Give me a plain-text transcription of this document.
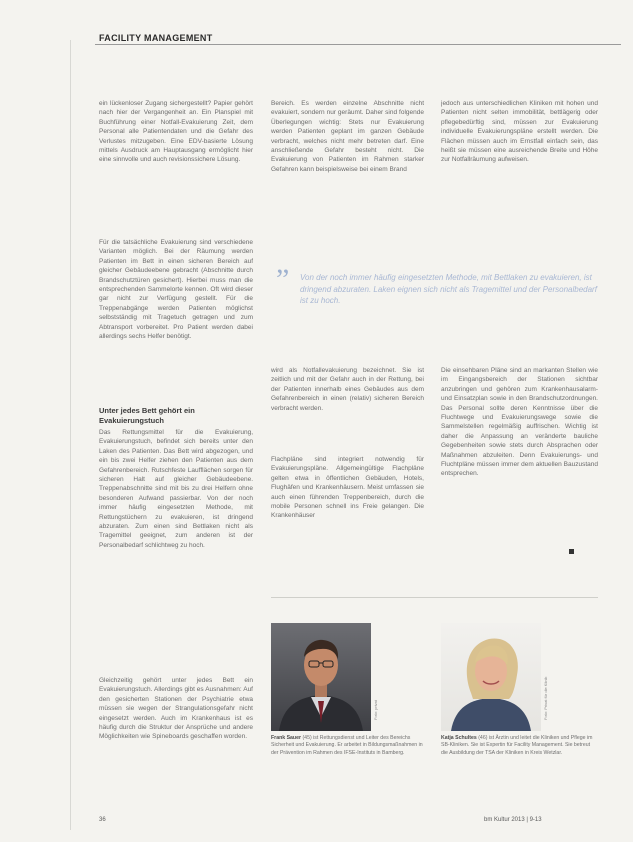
FACILITY MANAGEMENT

ein lückenloser Zugang sichergestellt? Papier gehört nach hier der Vergangenheit an. Ein Planspiel mit Buchführung einer Notfall-Evakuierung Zeit, dem Personal alle Patientendaten und die Gefahr des Verlustes mitzugeben. Eine EDV-basierte Lösung mittels Ausdruck am Hauptausgang ermöglicht hier eine sinnvolle und auch revisionssichere Lösung.

Für die tatsächliche Evakuierung sind verschiedene Varianten möglich. Bei der Räumung werden Patienten im Bett in einen sicheren Bereich auf gleicher Gebäudeebene gebracht (Abschnitte durch Brandschutztüren gesichert). Hierbei muss man die entsprechenden Sammelorte kennen. Oft wird dieser gar nicht zur Verfügung gestellt. Für die Treppenabgänge werden Patienten möglichst selbstständig mit Tragetuch getragen und zum Abtransport vorbereitet. Pro Patient werden dabei allerdings sechs Helfer benötigt.

Unter jedes Bett gehört ein Evakuierungstuch

Das Rettungsmittel für die Evakuierung, Evakuierungstuch, befindet sich bereits unter den Laken des Patienten. Das Bett wird abgezogen, und ein bis zwei Helfer ziehen den Patienten aus dem Gefahrenbereich. Rutschfeste Laufflächen sorgen für sicheren Halt auf gleicher Gebäudeebene. Treppenabschnitte sind mit bis zu drei Helfern ohne besonderen Aufwand passierbar. Von der noch immer häufig eingesetzten Methode, mit Rettungstüchern zu evakuieren, ist dringend abzuraten. Zum einen sind Bettlaken nicht als Tragemittel geeignet, zum anderen ist der Personalbedarf schlichtweg zu hoch.

Gleichzeitig gehört unter jedes Bett ein Evakuierungstuch. Allerdings gibt es Ausnahmen: Auf den gesicherten Stationen der Psychiatrie etwa müssen sie wegen der Strangulationsgefahr nicht eingesetzt werden. Auch im Krankenhaus ist es häufig durch die Struktur der Ansprüche und andere Möglichkeiten wie Spineboards geschaffen worden.

Bereich. Es werden einzelne Abschnitte nicht evakuiert, sondern nur geräumt. Daher sind folgende Überlegungen wichtig: Stets nur Evakuierung werden Patienten geplant im ganzen Gebäude verbracht, welches nicht mehr betreten darf. Eine anschließende Gefahr besteht nicht. Die Evakuierung von Patienten im Rahmen starker Gefahren kann beispielsweise bei einem Brand

jedoch aus unterschiedlichen Kliniken mit hohen und Patienten nicht selten immobilität, bettlägerig oder pflegebedürftig sind, müssen zur Evakuierung individuelle Evakuierungspläne erstellt werden. Die Flächen müssen auch im Ernstfall einfach sein, das heißt sie müssen eine ausreichende Breite und Höhe zur Notfallräumung aufweisen.

” Von der noch immer häufig eingesetzten Methode, mit Bettlaken zu evakuieren, ist dringend abzuraten. Laken eignen sich nicht als Tragemittel und der Personalbedarf ist zu hoch.

wird als Notfallevakuierung bezeichnet. Sie ist zeitlich und mit der Gefahr auch in der Rettung, bei der Patienten innerhalb eines Gebäudes aus dem Gefahrenbereich in einen (relativ) sicheren Bereich verbracht werden.

Flachpläne sind integriert notwendig für Evakuierungspläne. Allgemeingültige Flachpläne gelten etwa in öffentlichen Gebäuden, Hotels, Flughäfen und Krankenhäusern. Meist umfassen sie auch einen führenden Treppenbereich, durch die mobile Personen schnell ins Freie gelangen. Die Krankenhäuser

Die einsehbaren Pläne sind an markanten Stellen wie im Eingangsbereich der Stationen sichtbar anzubringen und gehören zum Krankenhausalarm- und Einsatzplan sowie in den Brandschutzordnungen. Das Personal sollte deren Kenntnisse über die Fluchtwege und Evakuierungswege sowie die Sammelstellen regelmäßig auffrischen. Wichtig ist daher die Anpassung an veränderte bauliche Gegebenheiten sowie stets durch Absprachen oder Maßnahmen abzuleiten. Denn Evakuierungs- und Fluchtpläne müssen immer dem aktuellen Bauzustand entsprechen.

Foto: privat
Frank Sauer (45) ist Rettungsdienst und Leiter des Bereichs Sicherheit und Evakuierung. Er arbeitet in Bildungsmaßnahmen in der Prävention im Rahmen des IFSE-Instituts in Bamberg.
Foto: Privat für die Klinik
Katja Schultes (46) ist Ärztin und leitet die Kliniken und Pflege im SB-Kliniken. Sie ist Expertin für Facility Management. Sie betreut die Ausbildung der TSA der Kliniken in Kreis Wetzlar.
36	bm Kultur 2013 | 9-13
